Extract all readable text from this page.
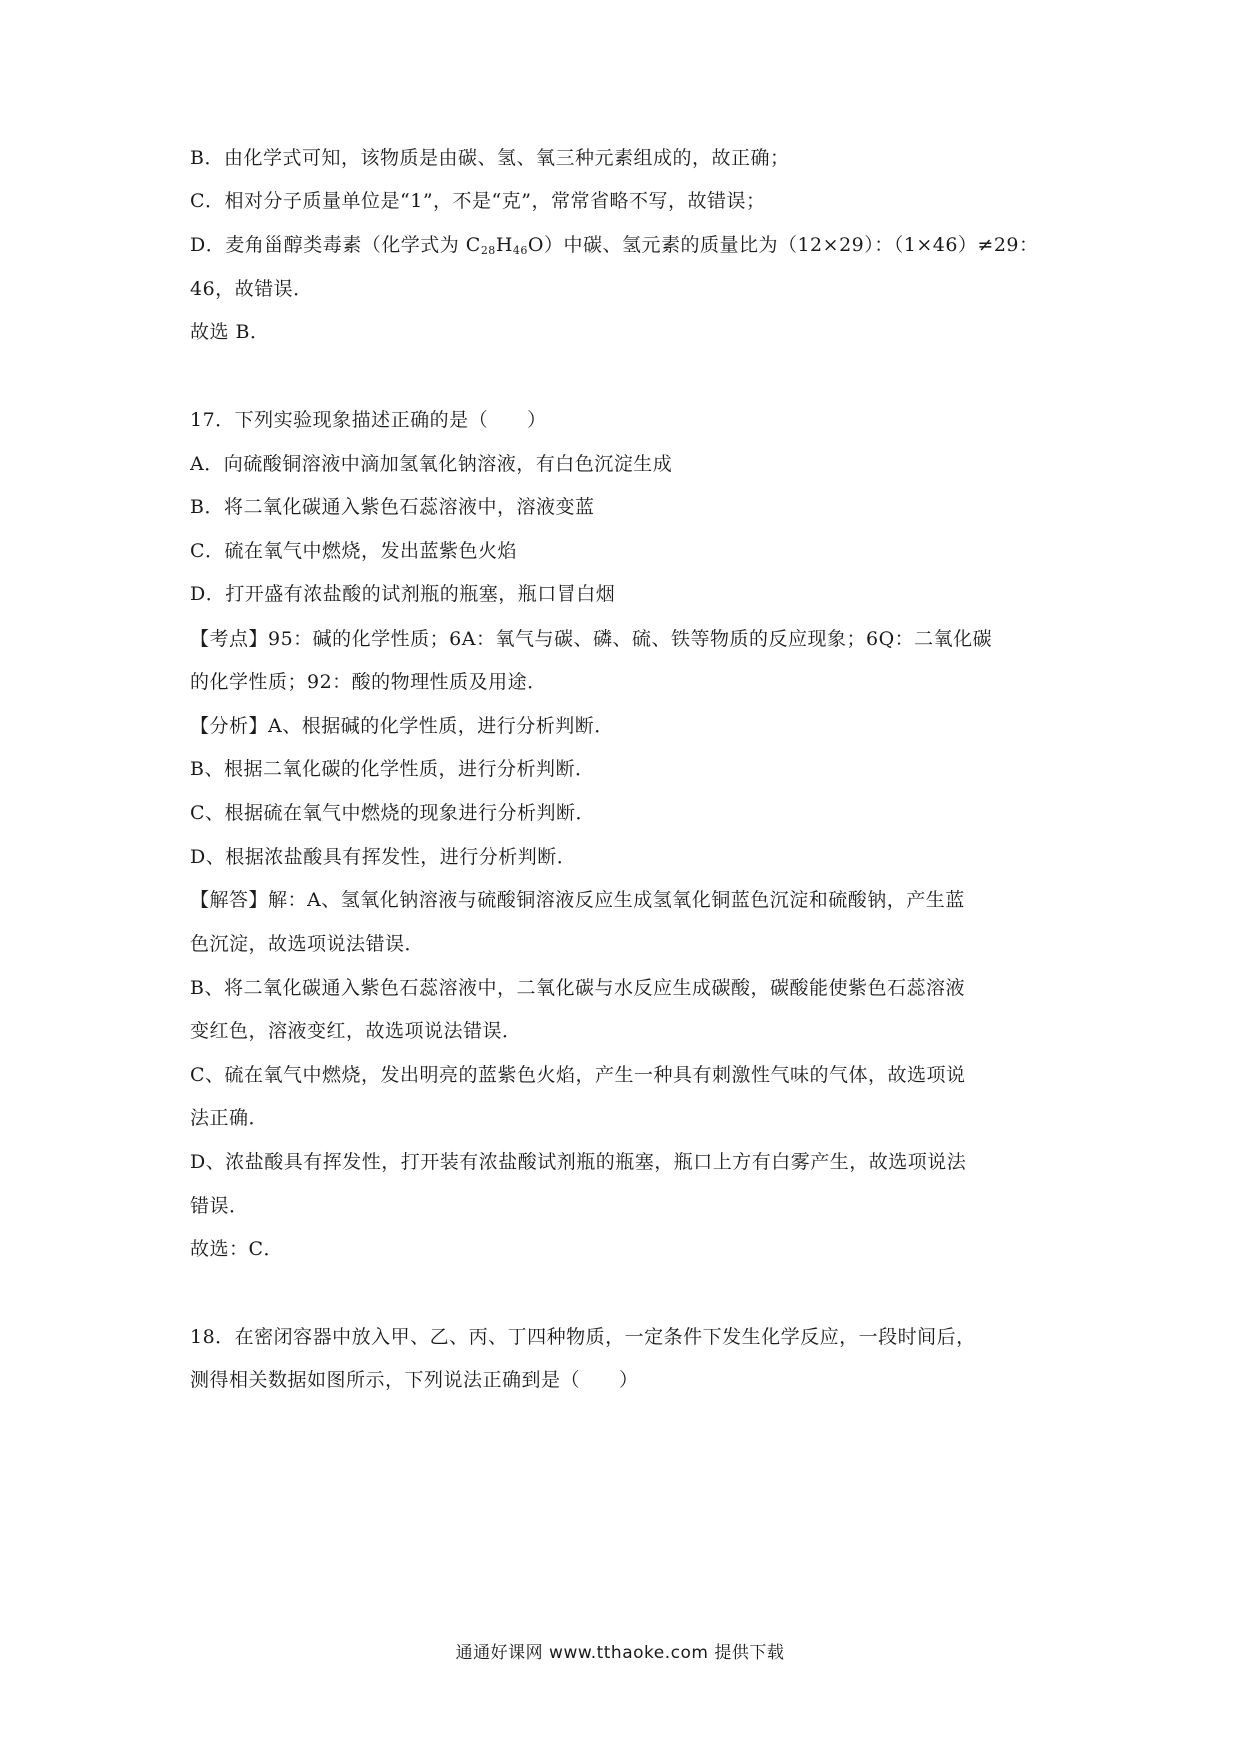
B．由化学式可知，该物质是由碳、氢、氧三种元素组成的，故正确；
C．相对分子质量单位是“1”，不是“克”，常常省略不写，故错误；
D．麦角甾醇类毒素（化学式为 $C_{28}H_{46}O$）中碳、氢元素的质量比为（12×29）：（1×46）≠29：
46，故错误．
故选 B．
17．下列实验现象描述正确的是（　　）
A．向硫酸铜溶液中滴加氢氧化钠溶液，有白色沉淀生成
B．将二氧化碳通入紫色石蕊溶液中，溶液变蓝
C．硫在氧气中燃烧，发出蓝紫色火焰
D．打开盛有浓盐酸的试剂瓶的瓶塞，瓶口冒白烟
【考点】95：碱的化学性质；6A：氧气与碳、磷、硫、铁等物质的反应现象；6Q：二氧化碳
的化学性质；92：酸的物理性质及用途．
【分析】A、根据碱的化学性质，进行分析判断．
B、根据二氧化碳的化学性质，进行分析判断．
C、根据硫在氧气中燃烧的现象进行分析判断．
D、根据浓盐酸具有挥发性，进行分析判断．
【解答】解：A、氢氧化钠溶液与硫酸铜溶液反应生成氢氧化铜蓝色沉淀和硫酸钠，产生蓝
色沉淀，故选项说法错误．
B、将二氧化碳通入紫色石蕊溶液中，二氧化碳与水反应生成碳酸，碳酸能使紫色石蕊溶液
变红色，溶液变红，故选项说法错误．
C、硫在氧气中燃烧，发出明亮的蓝紫色火焰，产生一种具有刺激性气味的气体，故选项说
法正确．
D、浓盐酸具有挥发性，打开装有浓盐酸试剂瓶的瓶塞，瓶口上方有白雾产生，故选项说法
错误．
故选：C．
18．在密闭容器中放入甲、乙、丙、丁四种物质，一定条件下发生化学反应，一段时间后，
测得相关数据如图所示，下列说法正确到是（　　）
通通好课网 www.tthaoke.com 提供下载
